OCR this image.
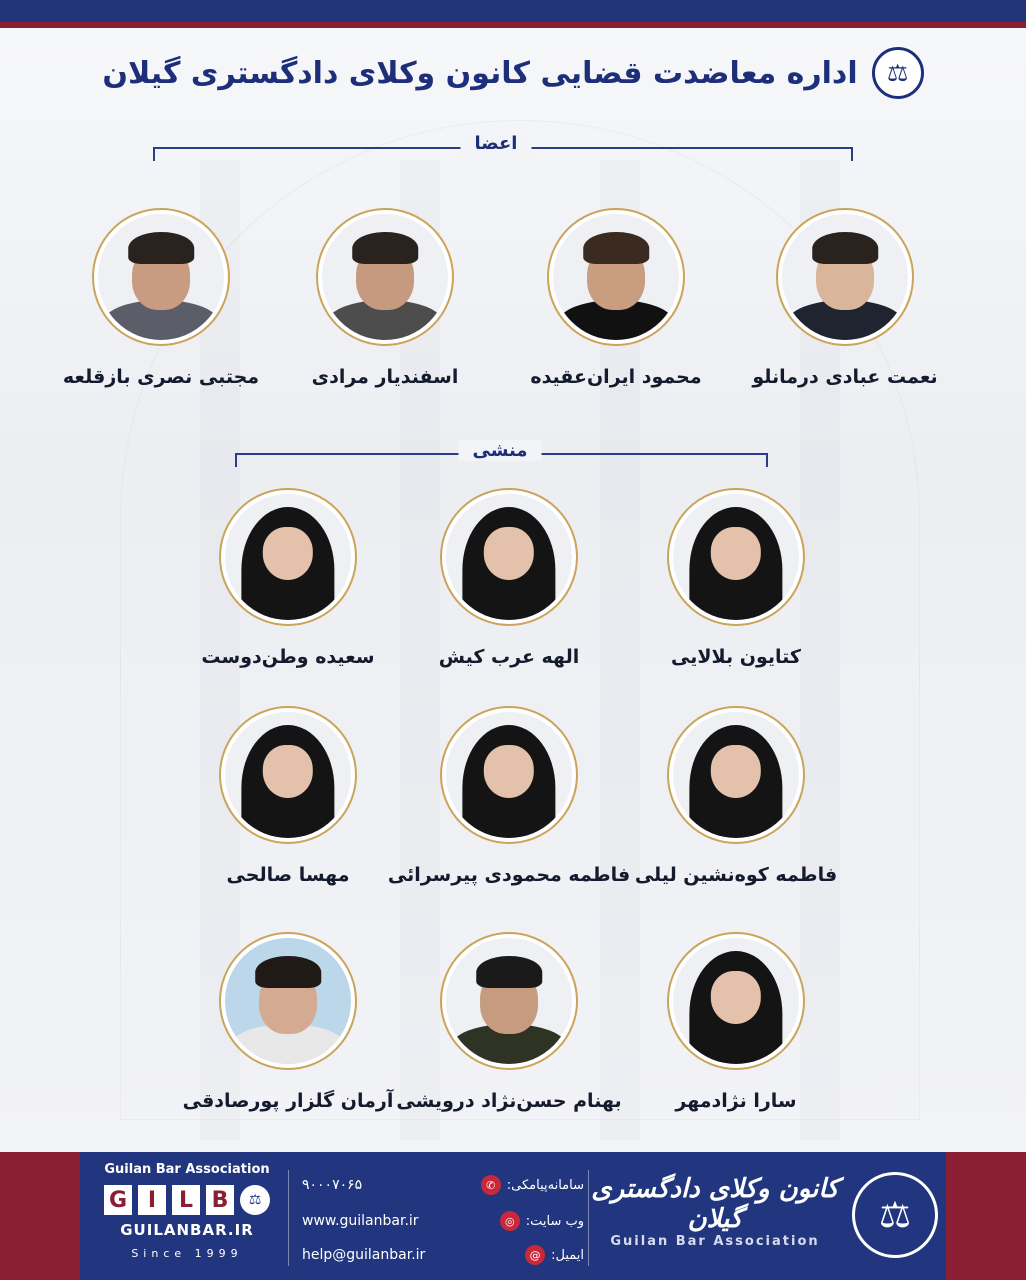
اداره معاضدت قضایی کانون وکلای دادگستری گیلان	⚖
اعضا
نعمت عبادی درمانلو
محمود ایران‌عقیده
اسفندیار مرادی
مجتبی نصری بازقلعه
منشی
کتایون بلالایی
الهه عرب کیش
سعیده وطن‌دوست
فاطمه کوه‌نشین لیلی
فاطمه محمودی پیرسرائی
مهسا صالحی
سارا نژادمهر
بهنام حسن‌نژاد درویشی
آرمان گلزار پورصادقی
Guilan Bar Association
G I	L B	⚖
GUILANBAR.IR
Since 1999
۹۰۰۰۷۰۶۵	سامانه‌پیامکی:
✆
www.guilanbar.ir	وب سایت:
◎
help@guilanbar.ir	ایمیل:
@
کانون وکلای دادگستری گیلان
Guilan Bar Association
⚖
